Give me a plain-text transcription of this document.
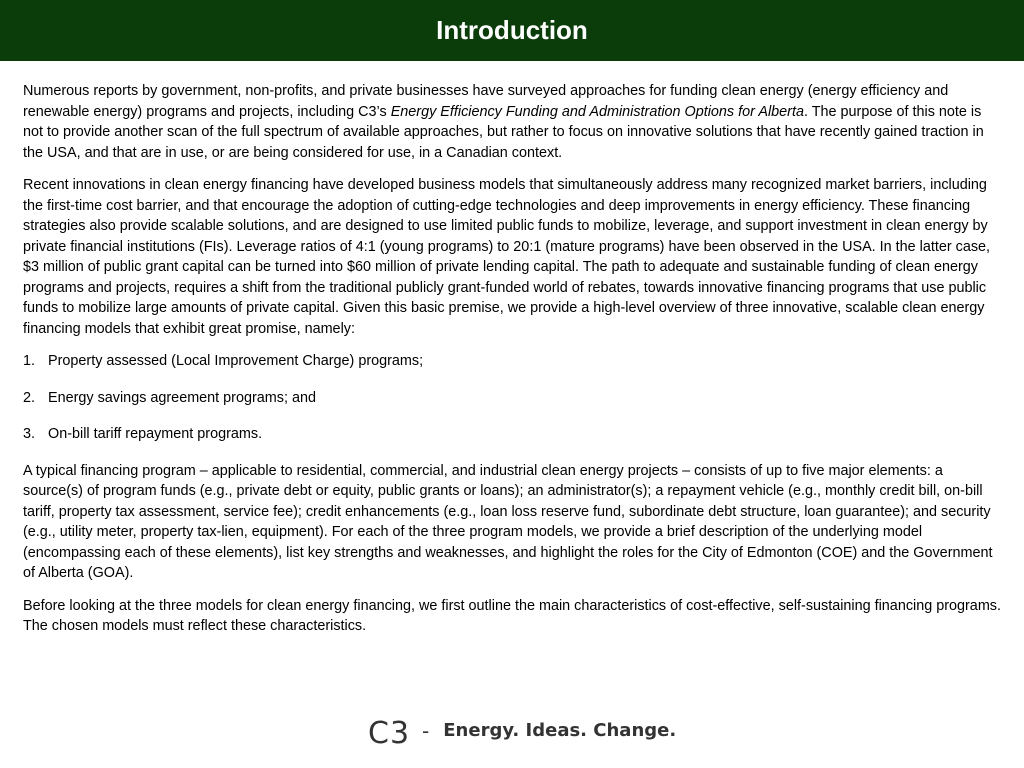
Introduction

Numerous reports by government, non-profits, and private businesses have surveyed approaches for funding clean energy (energy efficiency and renewable energy) programs and projects, including C3’s Energy Efficiency Funding and Administration Options for Alberta. The purpose of this note is not to provide another scan of the full spectrum of available approaches, but rather to focus on innovative solutions that have recently gained traction in the USA, and that are in use, or are being considered for use, in a Canadian context.

Recent innovations in clean energy financing have developed business models that simultaneously address many recognized market barriers, including the first-time cost barrier, and that encourage the adoption of cutting-edge technologies and deep improvements in energy efficiency. These financing strategies also provide scalable solutions, and are designed to use limited public funds to mobilize, leverage, and support investment in clean energy by private financial institutions (FIs). Leverage ratios of 4:1 (young programs) to 20:1 (mature programs) have been observed in the USA. In the latter case, $3 million of public grant capital can be turned into $60 million of private lending capital. The path to adequate and sustainable funding of clean energy programs and projects, requires a shift from the traditional publicly grant-funded world of rebates, towards innovative financing programs that use public funds to mobilize large amounts of private capital. Given this basic premise, we provide a high-level overview of three innovative, scalable clean energy financing models that exhibit great promise, namely:

1. Property assessed (Local Improvement Charge) programs;

2. Energy savings agreement programs; and

3. On-bill tariff repayment programs.

A typical financing program – applicable to residential, commercial, and industrial clean energy projects – consists of up to five major elements: a source(s) of program funds (e.g., private debt or equity, public grants or loans); an administrator(s); a repayment vehicle (e.g., monthly credit bill, on-bill tariff, property tax assessment, service fee); credit enhancements (e.g., loan loss reserve fund, subordinate debt structure, loan guarantee); and security (e.g., utility meter, property tax-lien, equipment). For each of the three program models, we provide a brief description of the underlying model (encompassing each of these elements), list key strengths and weaknesses, and highlight the roles for the City of Edmonton (COE) and the Government of Alberta (GOA).

Before looking at the three models for clean energy financing, we first outline the main characteristics of cost-effective, self-sustaining financing programs. The chosen models must reflect these characteristics.

C3 - Energy. Ideas. Change.
